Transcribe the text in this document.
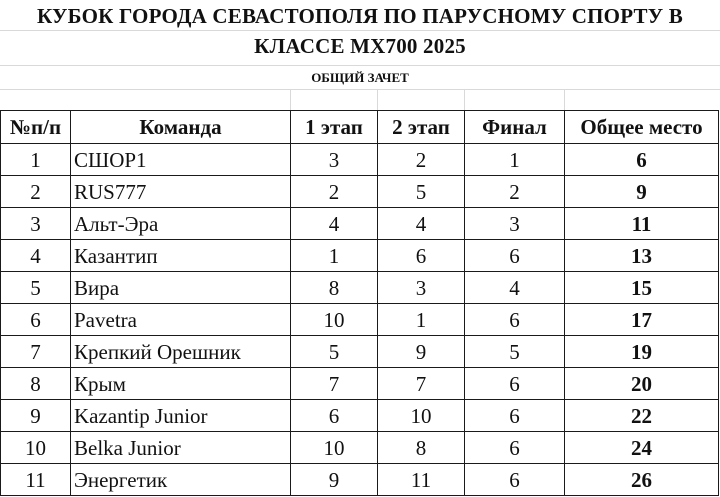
КУБОК ГОРОДА СЕВАСТОПОЛЯ ПО ПАРУСНОМУ СПОРТУ В
КЛАССЕ МХ700 2025
ОБЩИЙ ЗАЧЕТ
№п/п	Команда	1 этап	2 этап	Финал	Общее место
1	СШОР1	3	2	1	6
2	RUS777	2	5	2	9
3	Альт-Эра	4	4	3	11
4	Казантип	1	6	6	13
5	Вира	8	3	4	15
6	Pavetra	10	1	6	17
7	Крепкий Орешник	5	9	5	19
8	Крым	7	7	6	20
9	Kazantip Junior	6	10	6	22
10	Belka Junior	10	8	6	24
11	Энергетик	9	11	6	26
